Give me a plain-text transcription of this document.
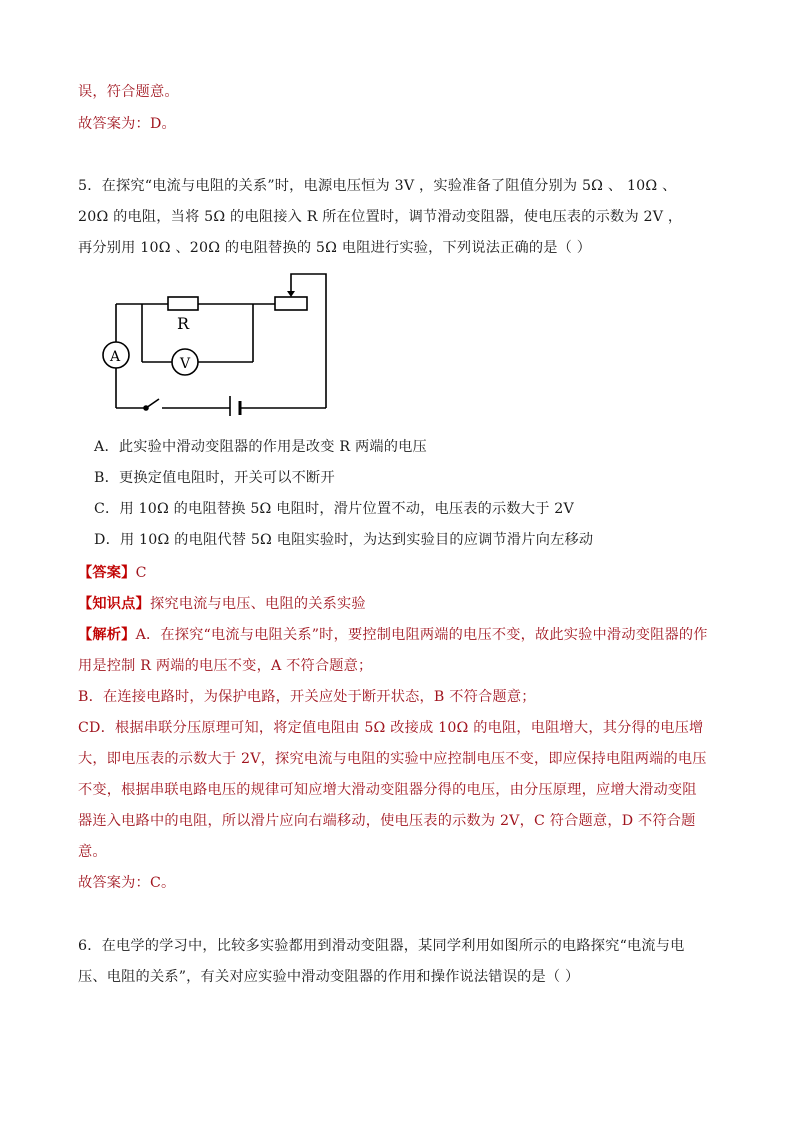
误，符合题意。
故答案为：D。
5．在探究“电流与电阻的关系”时，电源电压恒为 3V ，实验准备了阻值分别为 5Ω 、 10Ω 、
20Ω 的电阻，当将 5Ω 的电阻接入 R 所在位置时，调节滑动变阻器，使电压表的示数为 2V ，
再分别用 10Ω 、20Ω 的电阻替换的 5Ω 电阻进行实验，下列说法正确的是（ ）
R
A	V
A．此实验中滑动变阻器的作用是改变 R 两端的电压
B．更换定值电阻时，开关可以不断开
C．用 10Ω 的电阻替换 5Ω 电阻时，滑片位置不动，电压表的示数大于 2V
D．用 10Ω 的电阻代替 5Ω 电阻实验时，为达到实验目的应调节滑片向左移动
【答案】C
【知识点】探究电流与电压、电阻的关系实验
【解析】A．在探究“电流与电阻关系”时，要控制电阻两端的电压不变，故此实验中滑动变阻器的作
用是控制 R 两端的电压不变，A 不符合题意；
B．在连接电路时，为保护电路，开关应处于断开状态，B 不符合题意；
CD．根据串联分压原理可知，将定值电阻由 5Ω 改接成 10Ω 的电阻，电阻增大，其分得的电压增
大，即电压表的示数大于 2V，探究电流与电阻的实验中应控制电压不变，即应保持电阻两端的电压
不变，根据串联电路电压的规律可知应增大滑动变阻器分得的电压，由分压原理，应增大滑动变阻
器连入电路中的电阻，所以滑片应向右端移动，使电压表的示数为 2V，C 符合题意，D 不符合题
意。
故答案为：C。
6．在电学的学习中，比较多实验都用到滑动变阻器，某同学利用如图所示的电路探究“电流与电
压、电阻的关系”，有关对应实验中滑动变阻器的作用和操作说法错误的是（ ）
